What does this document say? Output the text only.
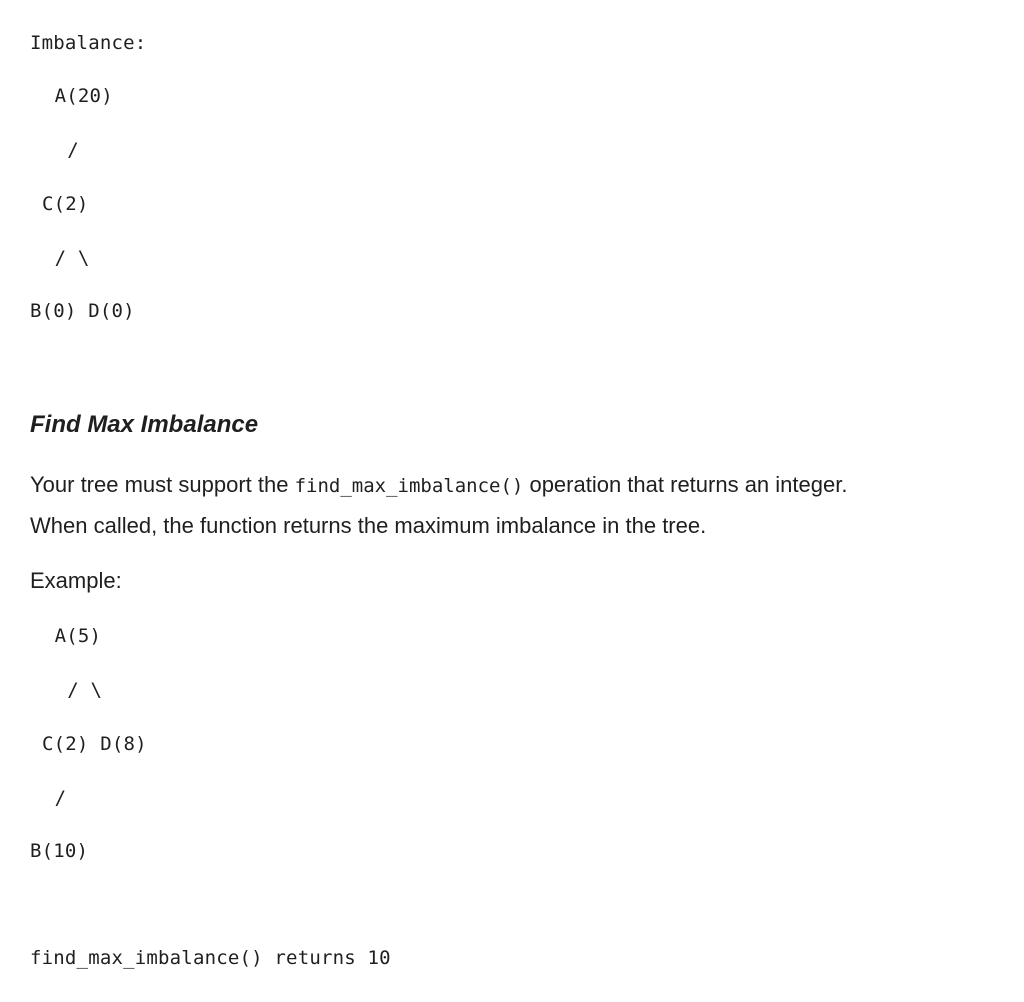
Imbalance:
A(20)
/
C(2)
/ \
B(0) D(0)
Find Max Imbalance
Your tree must support the find_max_imbalance() operation that returns an integer.
When called, the function returns the maximum imbalance in the tree.
Example:
A(5)
/ \
C(2) D(8)
/
B(10)
find_max_imbalance() returns 10
